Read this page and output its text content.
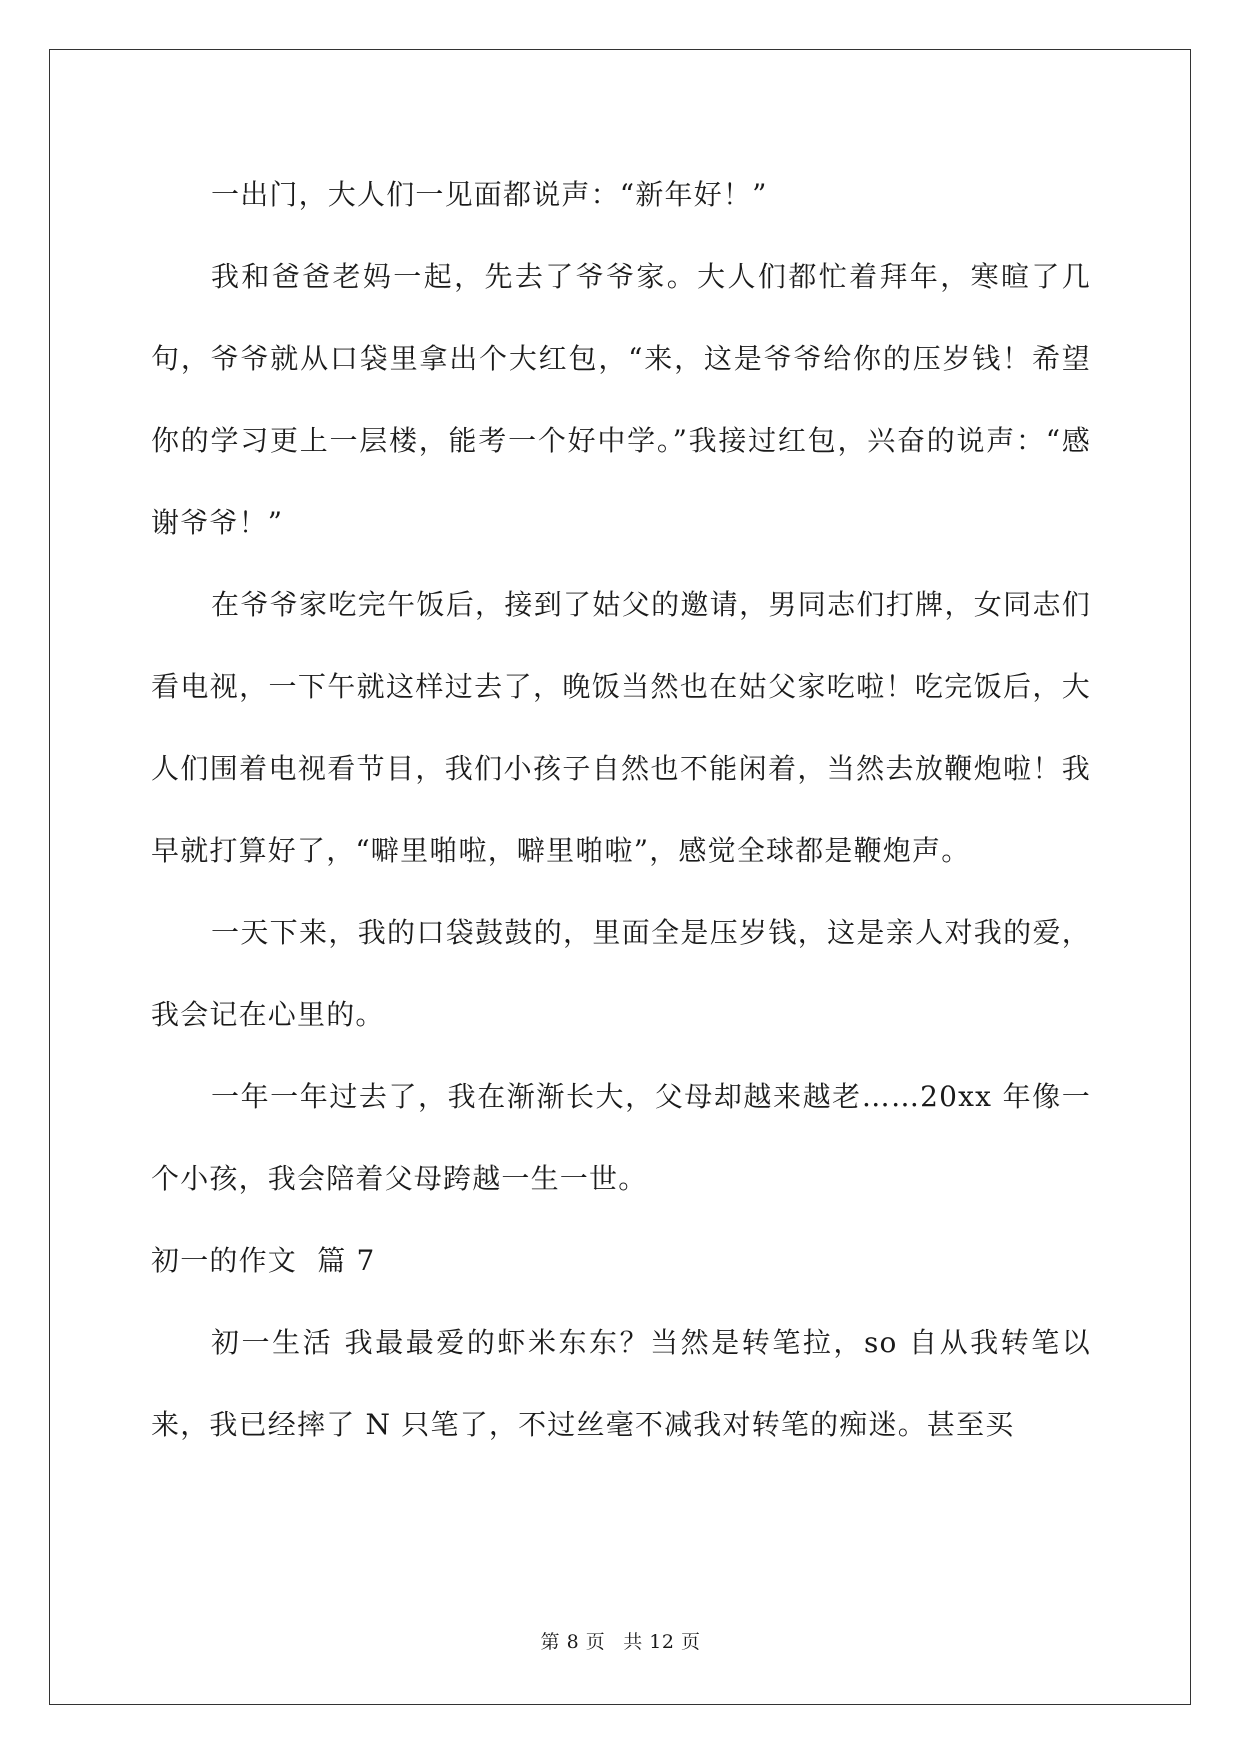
一出门，大人们一见面都说声：“新年好！”

我和爸爸老妈一起，先去了爷爷家。大人们都忙着拜年，寒暄了几句，爷爷就从口袋里拿出个大红包，“来，这是爷爷给你的压岁钱！希望你的学习更上一层楼，能考一个好中学。”我接过红包，兴奋的说声：“感谢爷爷！”

在爷爷家吃完午饭后，接到了姑父的邀请，男同志们打牌，女同志们看电视，一下午就这样过去了，晚饭当然也在姑父家吃啦！吃完饭后，大人们围着电视看节目，我们小孩子自然也不能闲着，当然去放鞭炮啦！我早就打算好了，“噼里啪啦，噼里啪啦”，感觉全球都是鞭炮声。

一天下来，我的口袋鼓鼓的，里面全是压岁钱，这是亲人对我的爱，我会记在心里的。

一年一年过去了，我在渐渐长大，父母却越来越老……20xx 年像一个小孩，我会陪着父母跨越一生一世。

初一的作文  篇 7

初一生活 我最最爱的虾米东东？当然是转笔拉，so 自从我转笔以来，我已经摔了 N 只笔了，不过丝毫不减我对转笔的痴迷。甚至买

第 8 页 共 12 页
